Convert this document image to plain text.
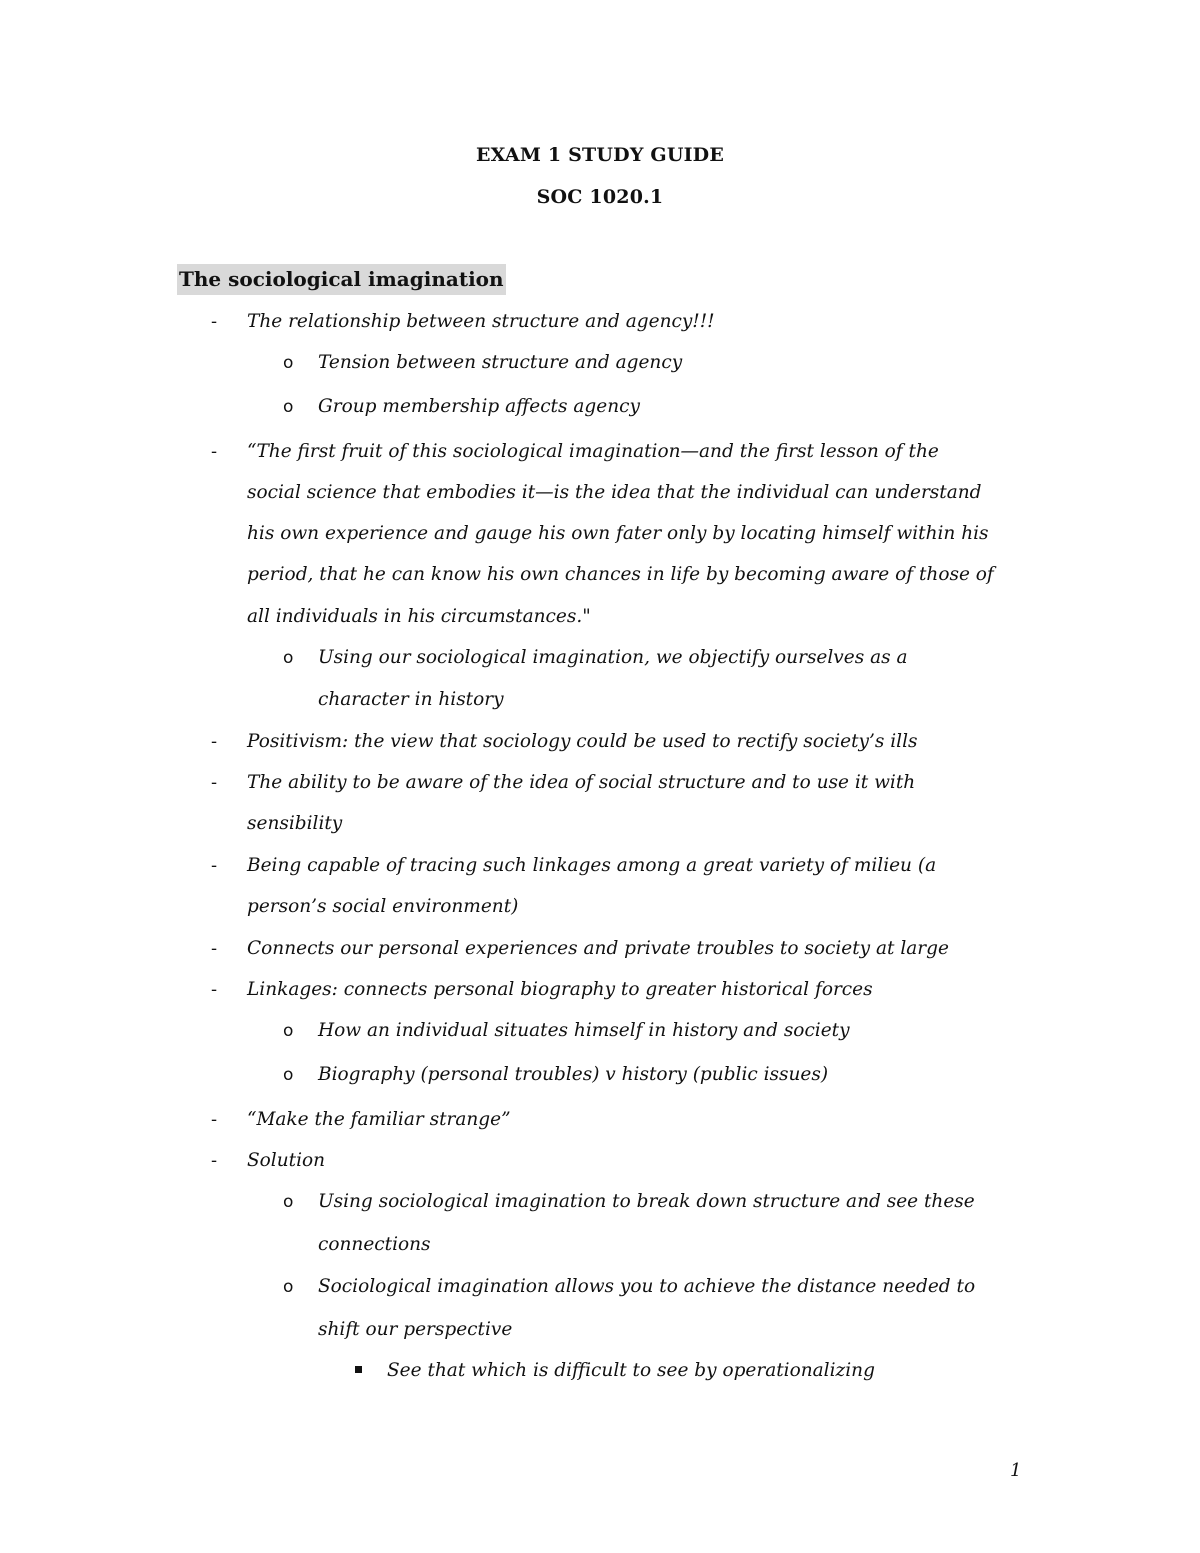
EXAM 1 STUDY GUIDE
SOC 1020.1
The sociological imagination
- The relationship between structure and agency!!!
o Tension between structure and agency
o Group membership affects agency
- “The first fruit of this sociological imagination—and the first lesson of the
social science that embodies it—is the idea that the individual can understand
his own experience and gauge his own fater only by locating himself within his
period, that he can know his own chances in life by becoming aware of those of
all individuals in his circumstances."
o Using our sociological imagination, we objectify ourselves as a
character in history
- Positivism: the view that sociology could be used to rectify society’s ills
- The ability to be aware of the idea of social structure and to use it with
sensibility
- Being capable of tracing such linkages among a great variety of milieu (a
person’s social environment)
- Connects our personal experiences and private troubles to society at large
- Linkages: connects personal biography to greater historical forces
o How an individual situates himself in history and society
o Biography (personal troubles) v history (public issues)
- “Make the familiar strange”
- Solution
o Using sociological imagination to break down structure and see these
connections
o Sociological imagination allows you to achieve the distance needed to
shift our perspective
See that which is difficult to see by operationalizing
1
